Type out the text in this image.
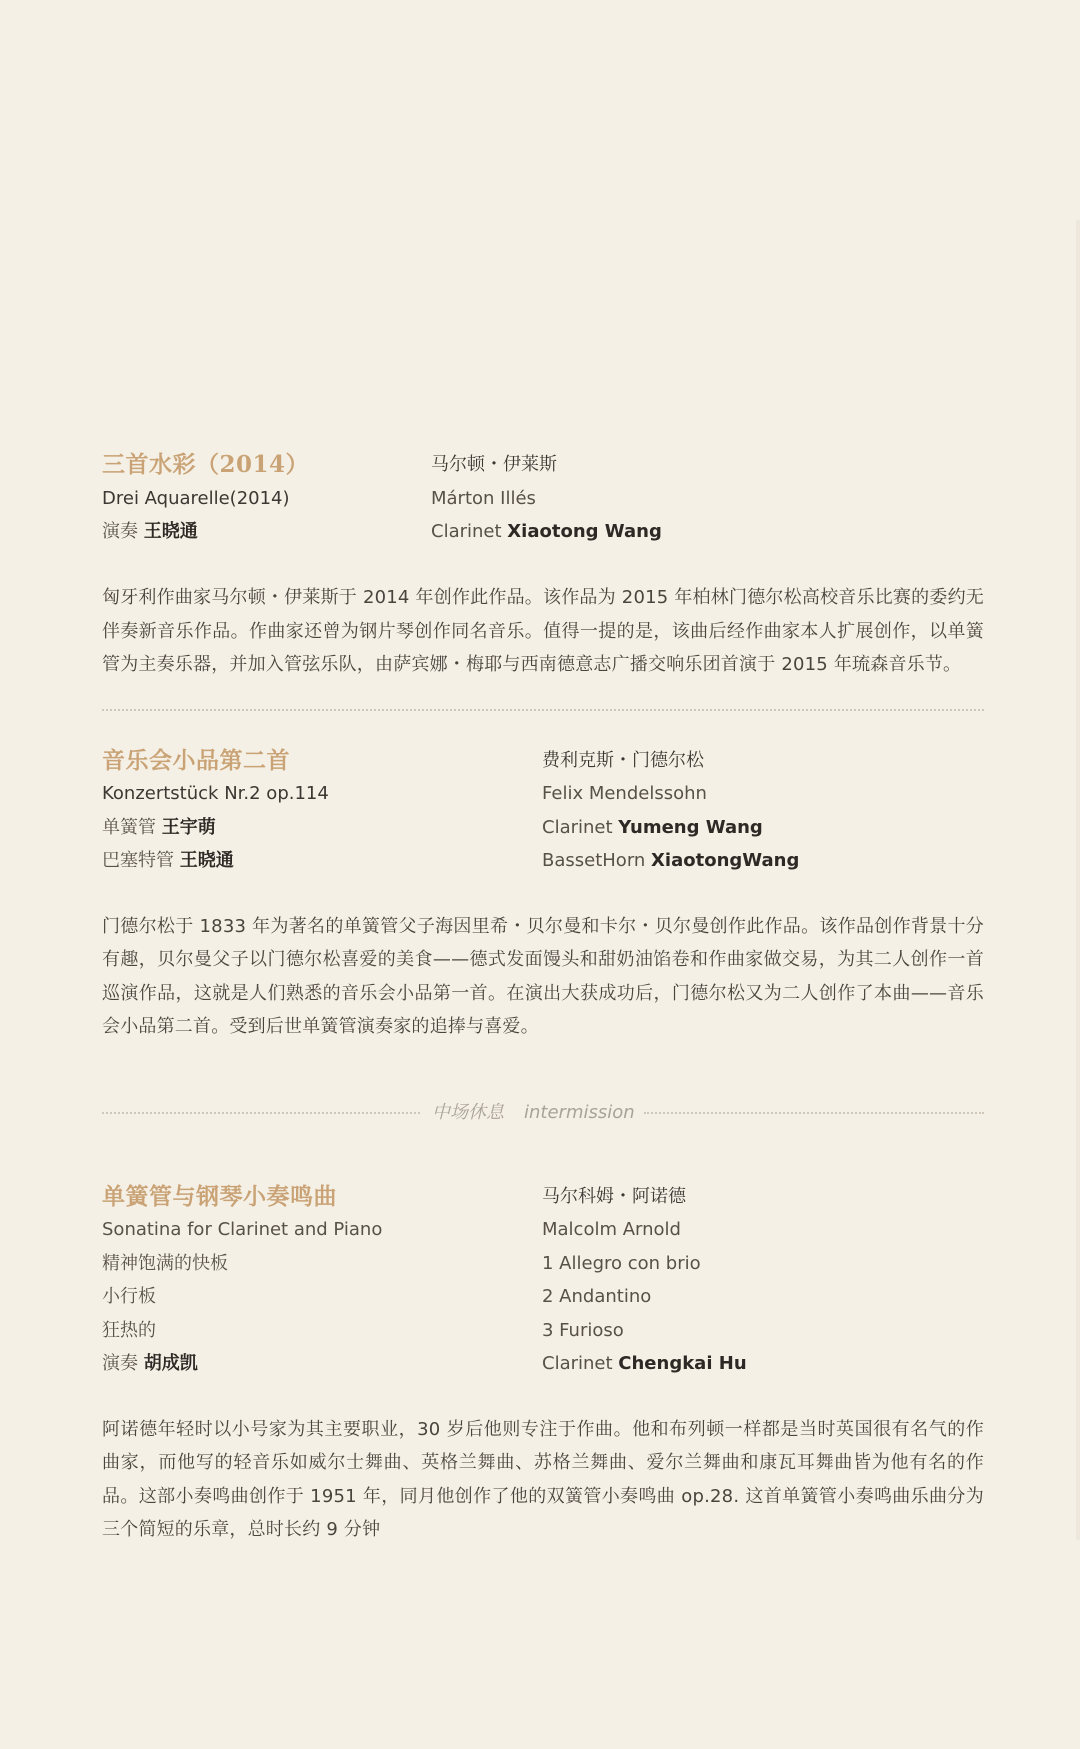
三首水彩（2014）
Drei Aquarelle(2014)
演奏 王晓通
马尔顿・伊莱斯
Márton Illés
Clarinet Xiaotong Wang
匈牙利作曲家马尔顿・伊莱斯于 2014 年创作此作品。该作品为 2015 年柏林门德尔松高校音乐比赛的委约无伴奏新音乐作品。作曲家还曾为钢片琴创作同名音乐。值得一提的是，该曲后经作曲家本人扩展创作，以单簧管为主奏乐器，并加入管弦乐队，由萨宾娜・梅耶与西南德意志广播交响乐团首演于 2015 年琉森音乐节。
音乐会小品第二首
Konzertstück Nr.2 op.114
单簧管 王宇萌
巴塞特管 王晓通
费利克斯・门德尔松
Felix Mendelssohn
Clarinet Yumeng Wang
BassetHorn XiaotongWang
门德尔松于 1833 年为著名的单簧管父子海因里希・贝尔曼和卡尔・贝尔曼创作此作品。该作品创作背景十分有趣，贝尔曼父子以门德尔松喜爱的美食——德式发面馒头和甜奶油馅卷和作曲家做交易，为其二人创作一首巡演作品，这就是人们熟悉的音乐会小品第一首。在演出大获成功后，门德尔松又为二人创作了本曲——音乐会小品第二首。受到后世单簧管演奏家的追捧与喜爱。
中场休息 intermission
单簧管与钢琴小奏鸣曲
Sonatina for Clarinet and Piano
精神饱满的快板
小行板
狂热的
演奏 胡成凯
马尔科姆・阿诺德
Malcolm Arnold
1 Allegro con brio
2 Andantino
3 Furioso
Clarinet Chengkai Hu
阿诺德年轻时以小号家为其主要职业，30 岁后他则专注于作曲。他和布列顿一样都是当时英国很有名气的作曲家，而他写的轻音乐如威尔士舞曲、英格兰舞曲、苏格兰舞曲、爱尔兰舞曲和康瓦耳舞曲皆为他有名的作品。这部小奏鸣曲创作于 1951 年，同月他创作了他的双簧管小奏鸣曲 op.28. 这首单簧管小奏鸣曲乐曲分为三个简短的乐章，总时长约 9 分钟
